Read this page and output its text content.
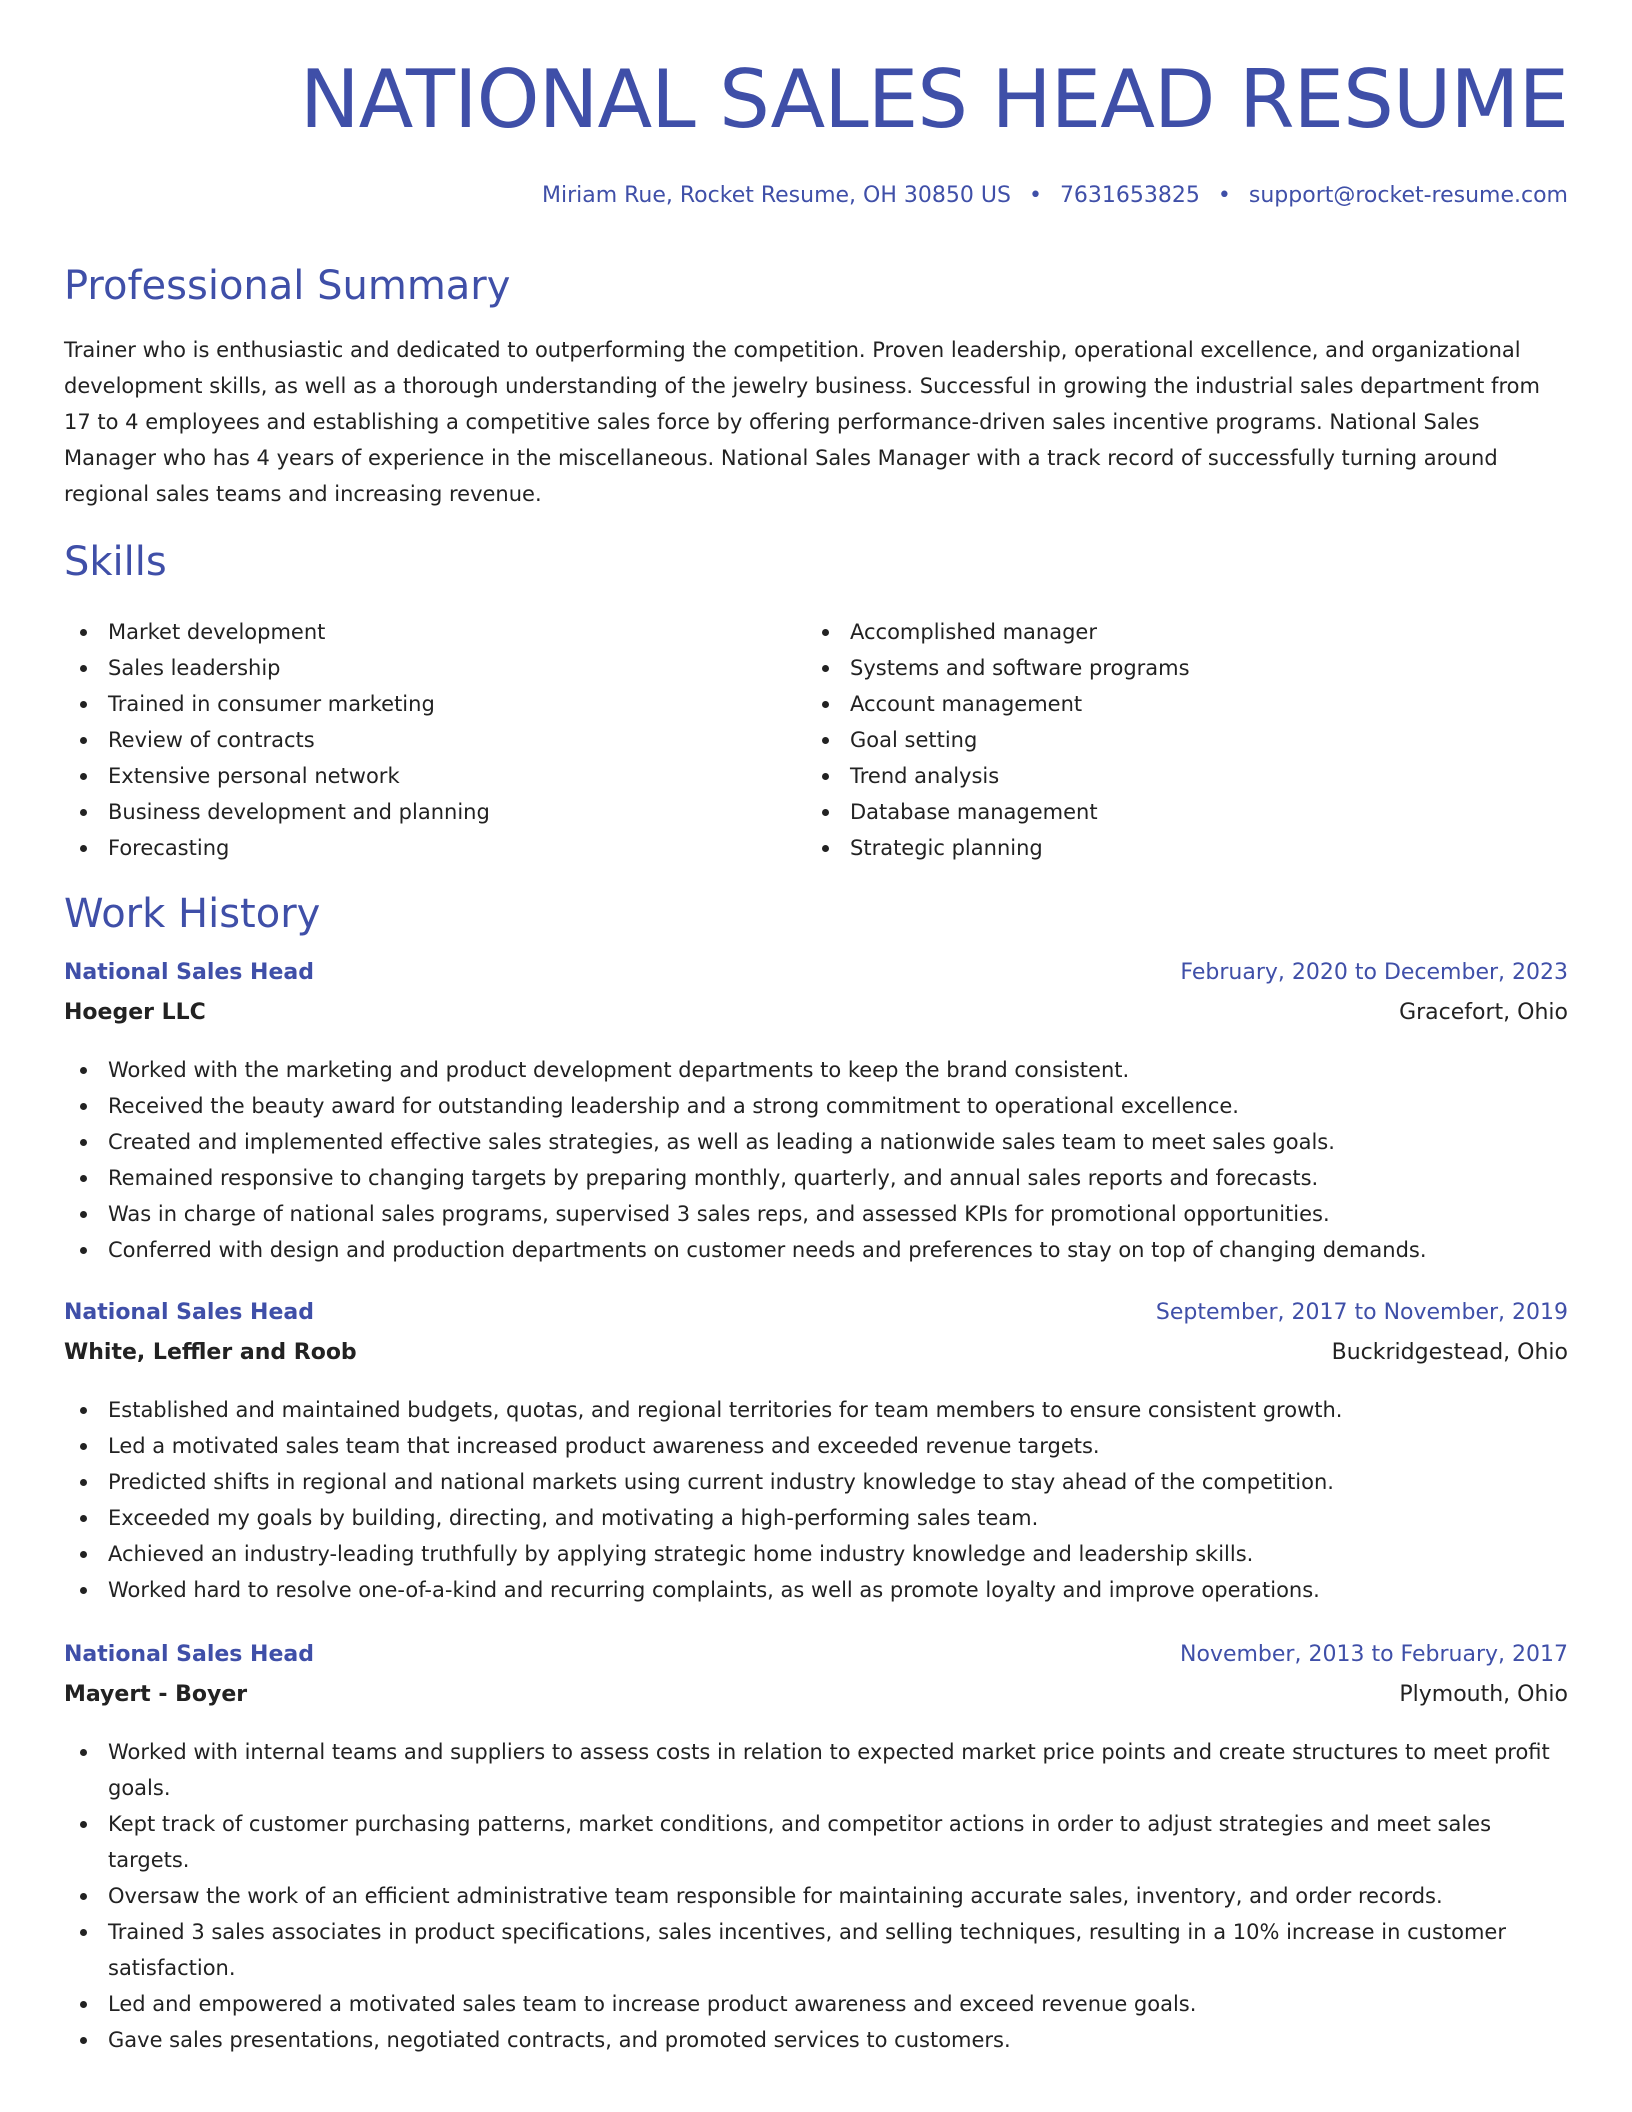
NATIONAL SALES HEAD RESUME
Miriam Rue, Rocket Resume, OH 30850 US • 7631653825 • support@rocket-resume.com
Professional Summary

Trainer who is enthusiastic and dedicated to outperforming the competition. Proven leadership, operational excellence, and organizational development skills, as well as a thorough understanding of the jewelry business. Successful in growing the industrial sales department from 17 to 4 employees and establishing a competitive sales force by offering performance-driven sales incentive programs. National Sales Manager who has 4 years of experience in the miscellaneous. National Sales Manager with a track record of successfully turning around regional sales teams and increasing revenue.

Skills
Market development
Sales leadership
Trained in consumer marketing
Review of contracts
Extensive personal network
Business development and planning
Forecasting
Accomplished manager
Systems and software programs
Account management
Goal setting
Trend analysis
Database management
Strategic planning
Work History
National Sales Head	February, 2020 to December, 2023
Hoeger LLC	Gracefort, Ohio
Worked with the marketing and product development departments to keep the brand consistent.
Received the beauty award for outstanding leadership and a strong commitment to operational excellence.
Created and implemented effective sales strategies, as well as leading a nationwide sales team to meet sales goals.
Remained responsive to changing targets by preparing monthly, quarterly, and annual sales reports and forecasts.
Was in charge of national sales programs, supervised 3 sales reps, and assessed KPIs for promotional opportunities.
Conferred with design and production departments on customer needs and preferences to stay on top of changing demands.
National Sales Head	September, 2017 to November, 2019
White, Leffler and Roob	Buckridgestead, Ohio
Established and maintained budgets, quotas, and regional territories for team members to ensure consistent growth.
Led a motivated sales team that increased product awareness and exceeded revenue targets.
Predicted shifts in regional and national markets using current industry knowledge to stay ahead of the competition.
Exceeded my goals by building, directing, and motivating a high-performing sales team.
Achieved an industry-leading truthfully by applying strategic home industry knowledge and leadership skills.
Worked hard to resolve one-of-a-kind and recurring complaints, as well as promote loyalty and improve operations.
National Sales Head	November, 2013 to February, 2017
Mayert - Boyer	Plymouth, Ohio
Worked with internal teams and suppliers to assess costs in relation to expected market price points and create structures to meet profit goals.
Kept track of customer purchasing patterns, market conditions, and competitor actions in order to adjust strategies and meet sales targets.
Oversaw the work of an efficient administrative team responsible for maintaining accurate sales, inventory, and order records.
Trained 3 sales associates in product specifications, sales incentives, and selling techniques, resulting in a 10% increase in customer satisfaction.
Led and empowered a motivated sales team to increase product awareness and exceed revenue goals.
Gave sales presentations, negotiated contracts, and promoted services to customers.
